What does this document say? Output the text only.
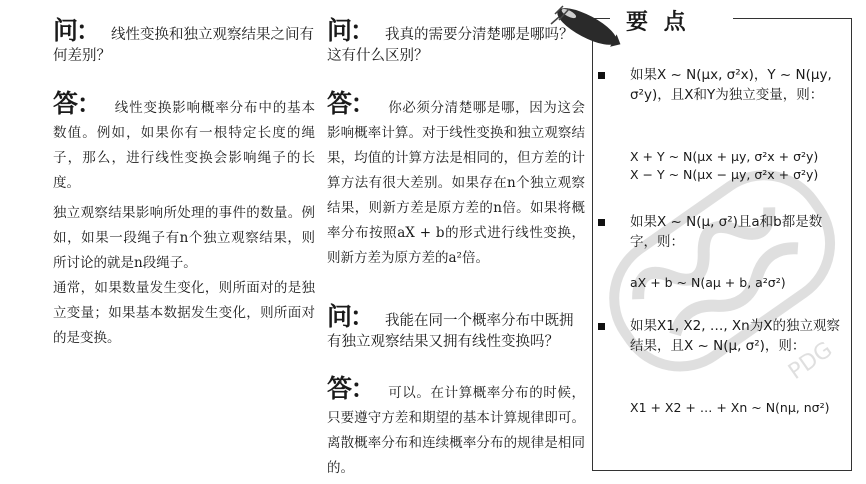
问： 线性变换和独立观察结果之间有何差别？
答： 线性变换影响概率分布中的基本数值。例如，如果你有一根特定长度的绳子，那么，进行线性变换会影响绳子的长度。
独立观察结果影响所处理的事件的数量。例如，如果一段绳子有n个独立观察结果，则所讨论的就是n段绳子。
通常，如果数量发生变化，则所面对的是独立变量；如果基本数据发生变化，则所面对的是变换。
问： 我真的需要分清楚哪是哪吗？这有什么区别？
答： 你必须分清楚哪是哪，因为这会影响概率计算。对于线性变换和独立观察结果，均值的计算方法是相同的，但方差的计算方法有很大差别。如果存在n个独立观察结果，则新方差是原方差的n倍。如果将概率分布按照aX + b的形式进行线性变换，则新方差为原方差的a²倍。
问： 我能在同一个概率分布中既拥有独立观察结果又拥有线性变换吗？
答： 可以。在计算概率分布的时候，只要遵守方差和期望的基本计算规律即可。离散概率分布和连续概率分布的规律是相同的。
要 点
PDG
如果X ~ N(μx, σ²x)，Y ~ N(μy, σ²y)，且X和Y为独立变量，则：
X + Y ~ N(μx + μy, σ²x + σ²y)
X − Y ~ N(μx − μy, σ²x + σ²y)
如果X ~ N(μ, σ²)且a和b都是数字，则：
aX + b ~ N(aμ + b, a²σ²)
如果X1, X2, …, Xn为X的独立观察结果，且X ~ N(μ, σ²)，则：
X1 + X2 + … + Xn ~ N(nμ, nσ²)
